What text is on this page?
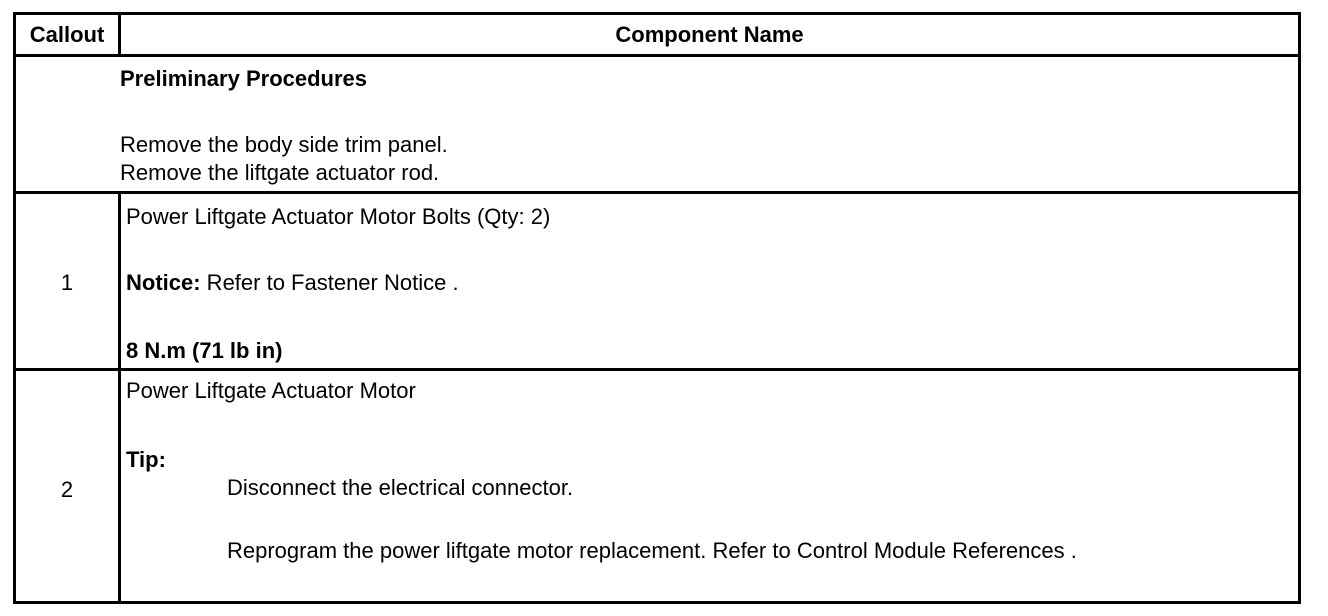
Callout	Component Name
Preliminary Procedures
Remove the body side trim panel.
Remove the liftgate actuator rod.
1
Power Liftgate Actuator Motor Bolts (Qty: 2)
Notice: Refer to Fastener Notice .
8 N.m (71 lb in)
2
Power Liftgate Actuator Motor
Tip:
Disconnect the electrical connector.
Reprogram the power liftgate motor replacement. Refer to Control Module References .
